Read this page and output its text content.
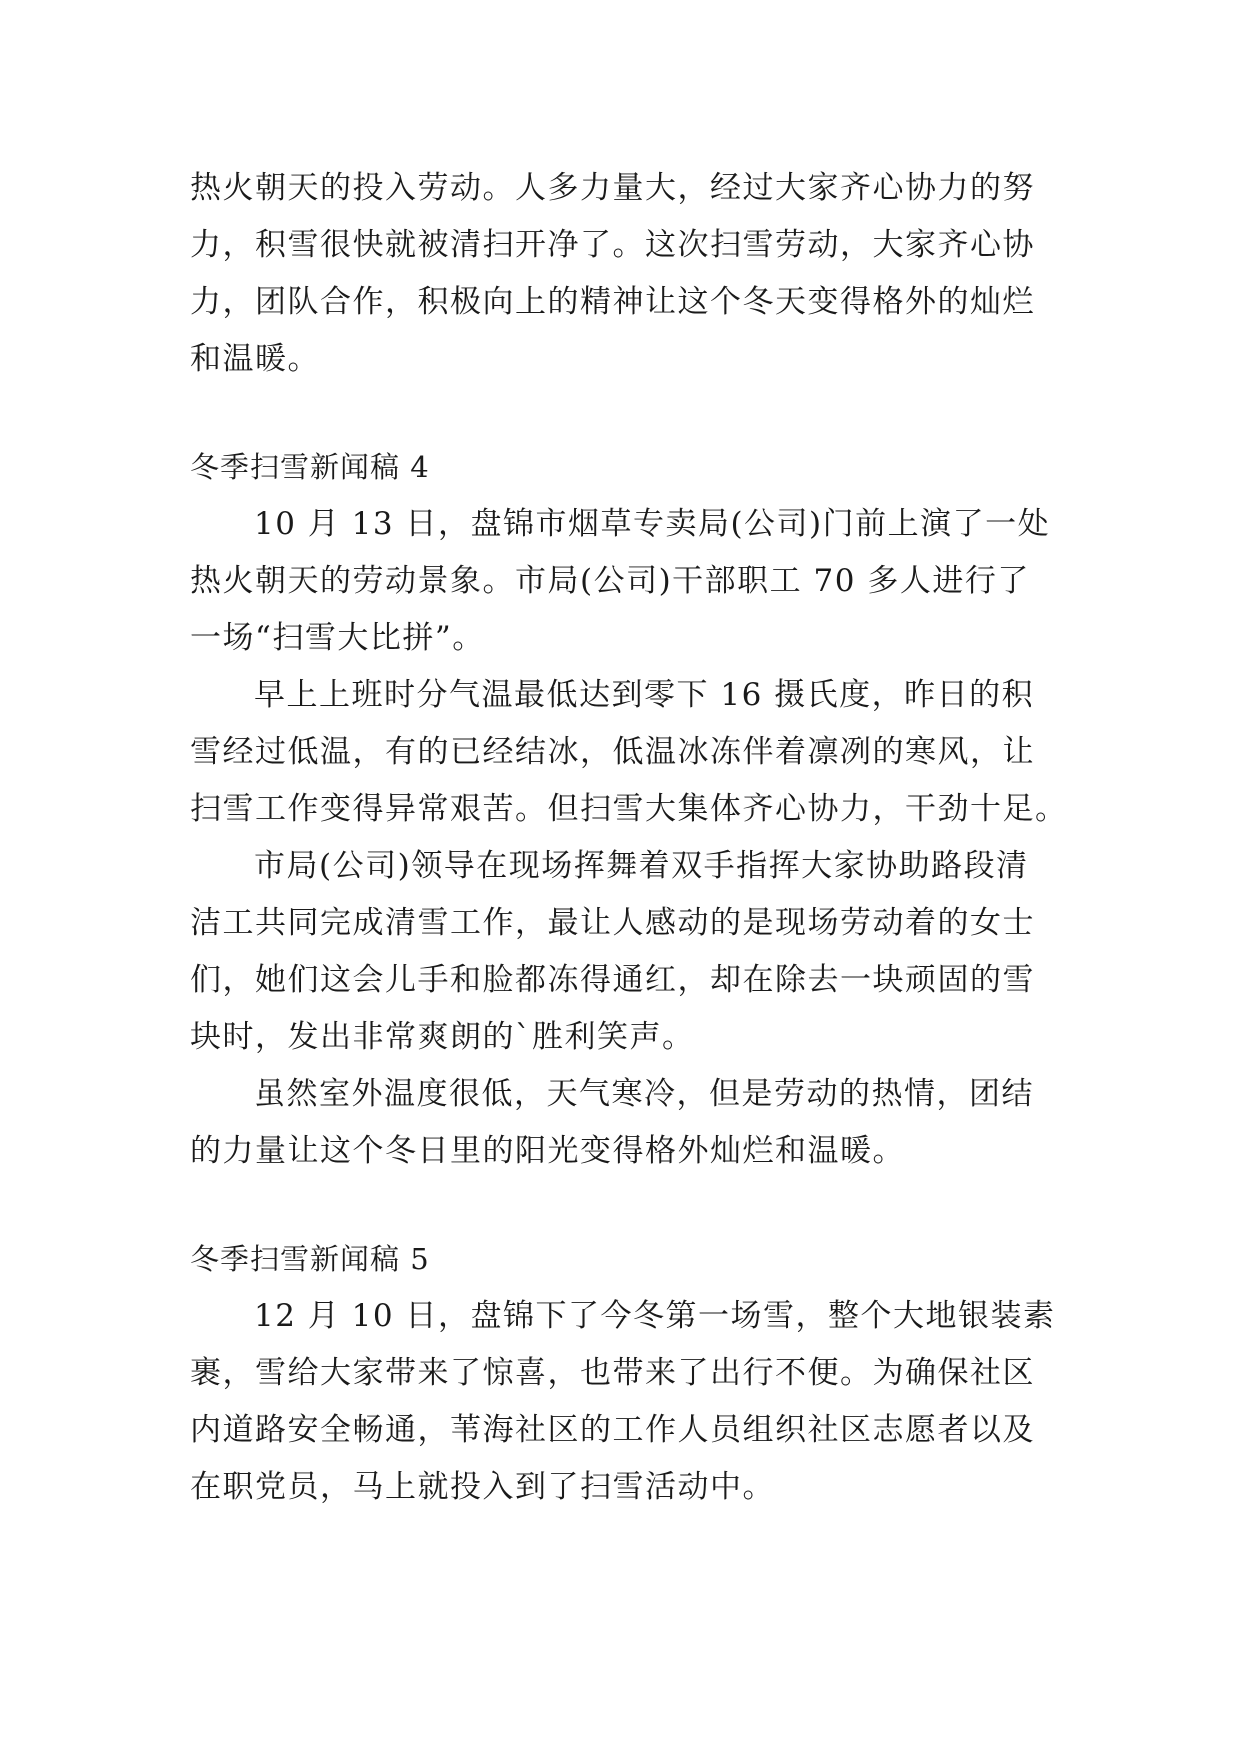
热火朝天的投入劳动。人多力量大，经过大家齐心协力的努
力，积雪很快就被清扫开净了。这次扫雪劳动，大家齐心协
力，团队合作，积极向上的精神让这个冬天变得格外的灿烂
和温暖。
冬季扫雪新闻稿 4
10 月 13 日，盘锦市烟草专卖局(公司)门前上演了一处
热火朝天的劳动景象。市局(公司)干部职工 70 多人进行了
一场“扫雪大比拼”。
早上上班时分气温最低达到零下 16 摄氏度，昨日的积
雪经过低温，有的已经结冰，低温冰冻伴着凛冽的寒风，让
扫雪工作变得异常艰苦。但扫雪大集体齐心协力，干劲十足。
市局(公司)领导在现场挥舞着双手指挥大家协助路段清
洁工共同完成清雪工作，最让人感动的是现场劳动着的女士
们，她们这会儿手和脸都冻得通红，却在除去一块顽固的雪
块时，发出非常爽朗的`胜利笑声。
虽然室外温度很低，天气寒冷，但是劳动的热情，团结
的力量让这个冬日里的阳光变得格外灿烂和温暖。
冬季扫雪新闻稿 5
12 月 10 日，盘锦下了今冬第一场雪，整个大地银装素
裹，雪给大家带来了惊喜，也带来了出行不便。为确保社区
内道路安全畅通，苇海社区的工作人员组织社区志愿者以及
在职党员，马上就投入到了扫雪活动中。
